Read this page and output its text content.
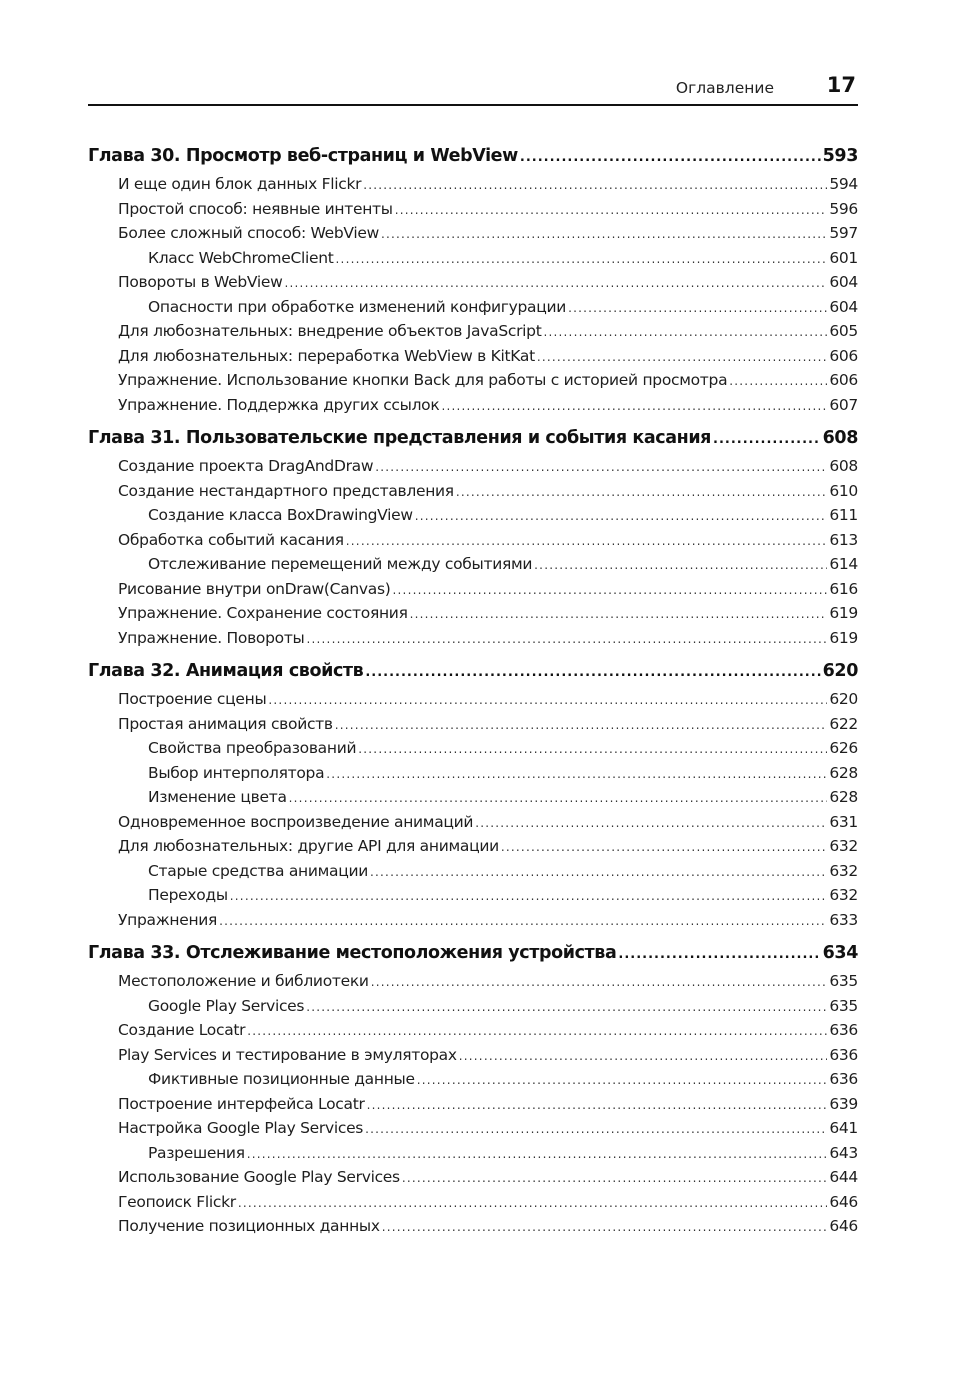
Оглавление	17
Глава 30. Просмотр веб-страниц и WebView .....	593
И еще один блок данных Flickr .....	594
Простой способ: неявные интенты .....	596
Более сложный способ: WebView .....	597
Класс WebChromeClient .....	601
Повороты в WebView .....	604
Опасности при обработке изменений конфигурации .....	604
Для любознательных: внедрение объектов JavaScript .....	605
Для любознательных: переработка WebView в KitKat .....	606
Упражнение. Использование кнопки Back для работы с историей просмотра .....	606
Упражнение. Поддержка других ссылок .....	607
Глава 31. Пользовательские представления и события касания .....	608
Создание проекта DragAndDraw .....	608
Создание нестандартного представления .....	610
Создание класса BoxDrawingView .....	611
Обработка событий касания .....	613
Отслеживание перемещений между событиями .....	614
Рисование внутри onDraw(Canvas) .....	616
Упражнение. Сохранение состояния .....	619
Упражнение. Повороты .....	619
Глава 32. Анимация свойств .....	620
Построение сцены .....	620
Простая анимация свойств .....	622
Свойства преобразований .....	626
Выбор интерполятора .....	628
Изменение цвета .....	628
Одновременное воспроизведение анимаций .....	631
Для любознательных: другие API для анимации .....	632
Старые средства анимации .....	632
Переходы .....	632
Упражнения .....	633
Глава 33. Отслеживание местоположения устройства .....	634
Местоположение и библиотеки .....	635
Google Play Services .....	635
Создание Locatr .....	636
Play Services и тестирование в эмуляторах .....	636
Фиктивные позиционные данные .....	636
Построение интерфейса Locatr .....	639
Настройка Google Play Services .....	641
Разрешения .....	643
Использование Google Play Services .....	644
Геопоиск Flickr .....	646
Получение позиционных данных .....	646
